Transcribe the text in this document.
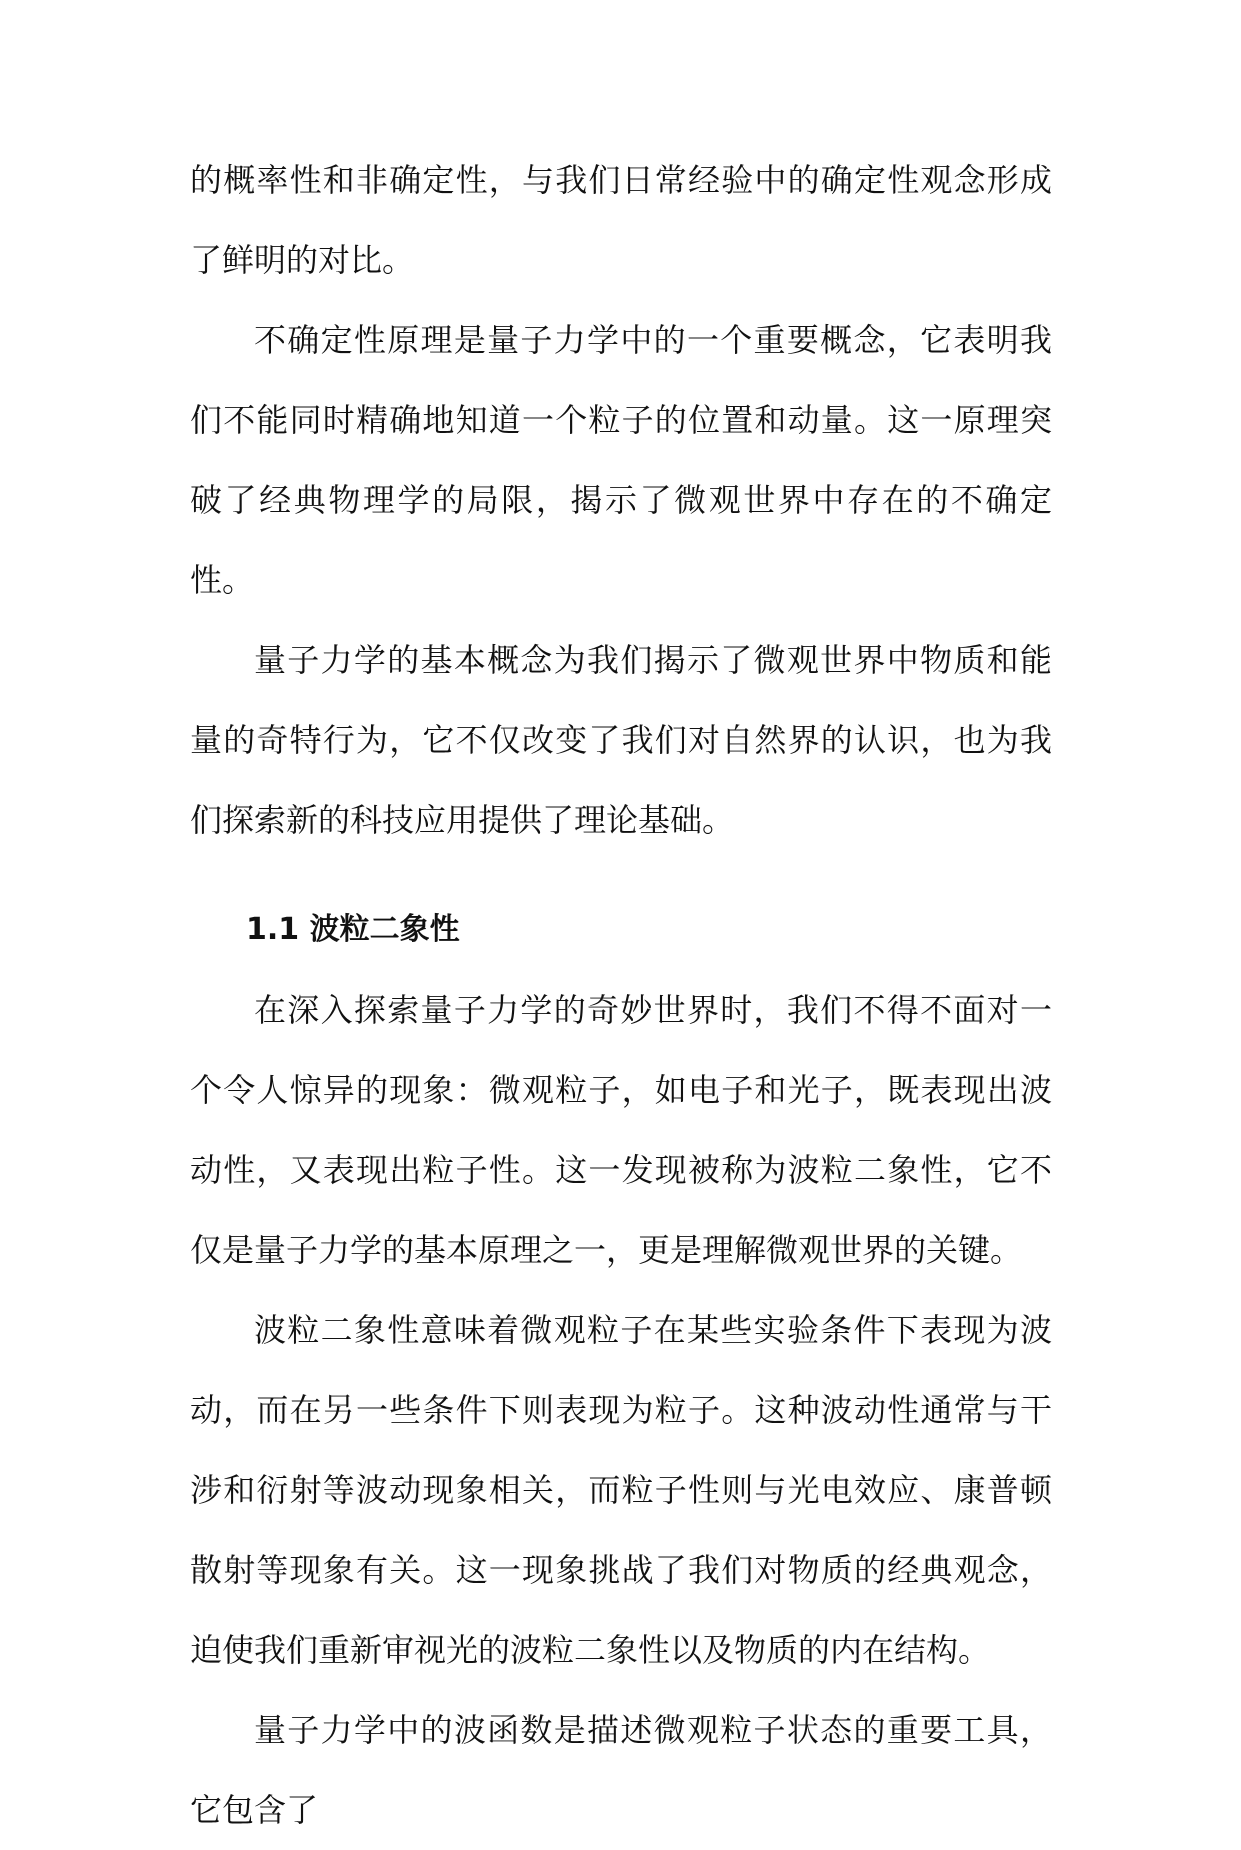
的概率性和非确定性，与我们日常经验中的确定性观念形成了鲜明的对比。

不确定性原理是量子力学中的一个重要概念，它表明我们不能同时精确地知道一个粒子的位置和动量。这一原理突破了经典物理学的局限，揭示了微观世界中存在的不确定性。

量子力学的基本概念为我们揭示了微观世界中物质和能量的奇特行为，它不仅改变了我们对自然界的认识，也为我们探索新的科技应用提供了理论基础。

1.1 波粒二象性

在深入探索量子力学的奇妙世界时，我们不得不面对一个令人惊异的现象：微观粒子，如电子和光子，既表现出波动性，又表现出粒子性。这一发现被称为波粒二象性，它不仅是量子力学的基本原理之一，更是理解微观世界的关键。

波粒二象性意味着微观粒子在某些实验条件下表现为波动，而在另一些条件下则表现为粒子。这种波动性通常与干涉和衍射等波动现象相关，而粒子性则与光电效应、康普顿散射等现象有关。这一现象挑战了我们对物质的经典观念，迫使我们重新审视光的波粒二象性以及物质的内在结构。

量子力学中的波函数是描述微观粒子状态的重要工具，它包含了
